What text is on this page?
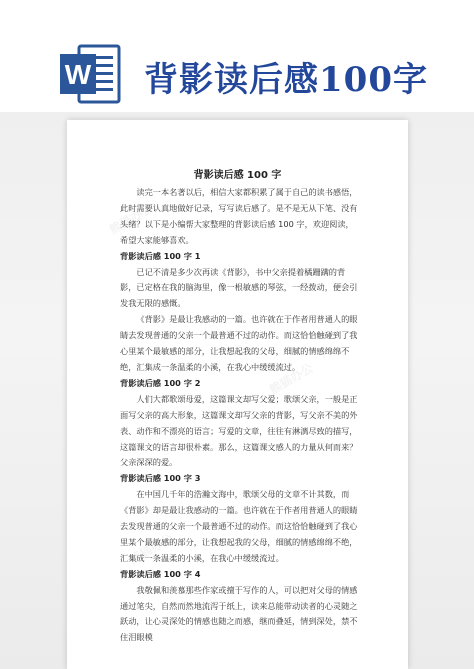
W 背影读后感100字
熊猫办公
熊猫办公
熊猫办公
背影读后感 100 字

读完一本名著以后，相信大家都积累了属于自己的读书感悟，此时需要认真地做好记录，写写读后感了。是不是无从下笔、没有头绪？以下是小编帮大家整理的背影读后感 100 字，欢迎阅读，希望大家能够喜欢。

背影读后感 100 字 1

已记不清是多少次再读《背影》，书中父亲提着橘跚蹒的背影，已定格在我的脑海里，像一根敏感的琴弦，一经拨动，便会引发我无限的感慨。

《背影》是最让我感动的一篇。也许就在于作者用普通人的眼睛去发现普通的父亲一个最普通不过的动作。而这恰恰触碰到了我心里某个最敏感的部分，让我想起我的父母，细腻的情感绵绵不绝，汇集成一条温柔的小溪，在我心中缓缓流过。

背影读后感 100 字 2

人们大都歌颂母爱，这篇课文却写父爱；歌颂父亲，一般是正面写父亲的高大形象，这篇课文却写父亲的背影，写父亲不美的外表、动作和不漂亮的语言；写爱的文章，往往有淋漓尽致的描写，这篇课文的语言却很朴素。那么，这篇课文感人的力量从何而来？父亲深深的爱。

背影读后感 100 字 3

在中国几千年的浩瀚文海中，歌颂父母的文章不计其数，而《背影》却是最让我感动的一篇。也许就在于作者用普通人的眼睛去发现普通的父亲一个最普通不过的动作。而这恰恰触碰到了我心里某个最敏感的部分，让我想起我的父母，细腻的情感绵绵不绝，汇集成一条温柔的小溪，在我心中缓缓流过。

背影读后感 100 字 4

我敬佩和羡慕那些作家或擅于写作的人，可以把对父母的情感通过笔尖，自然而然地流泻于纸上，读来总能带动读者的心灵随之跃动，让心灵深处的情感也随之而感，继而叠延，情到深处，禁不住泪眼模
